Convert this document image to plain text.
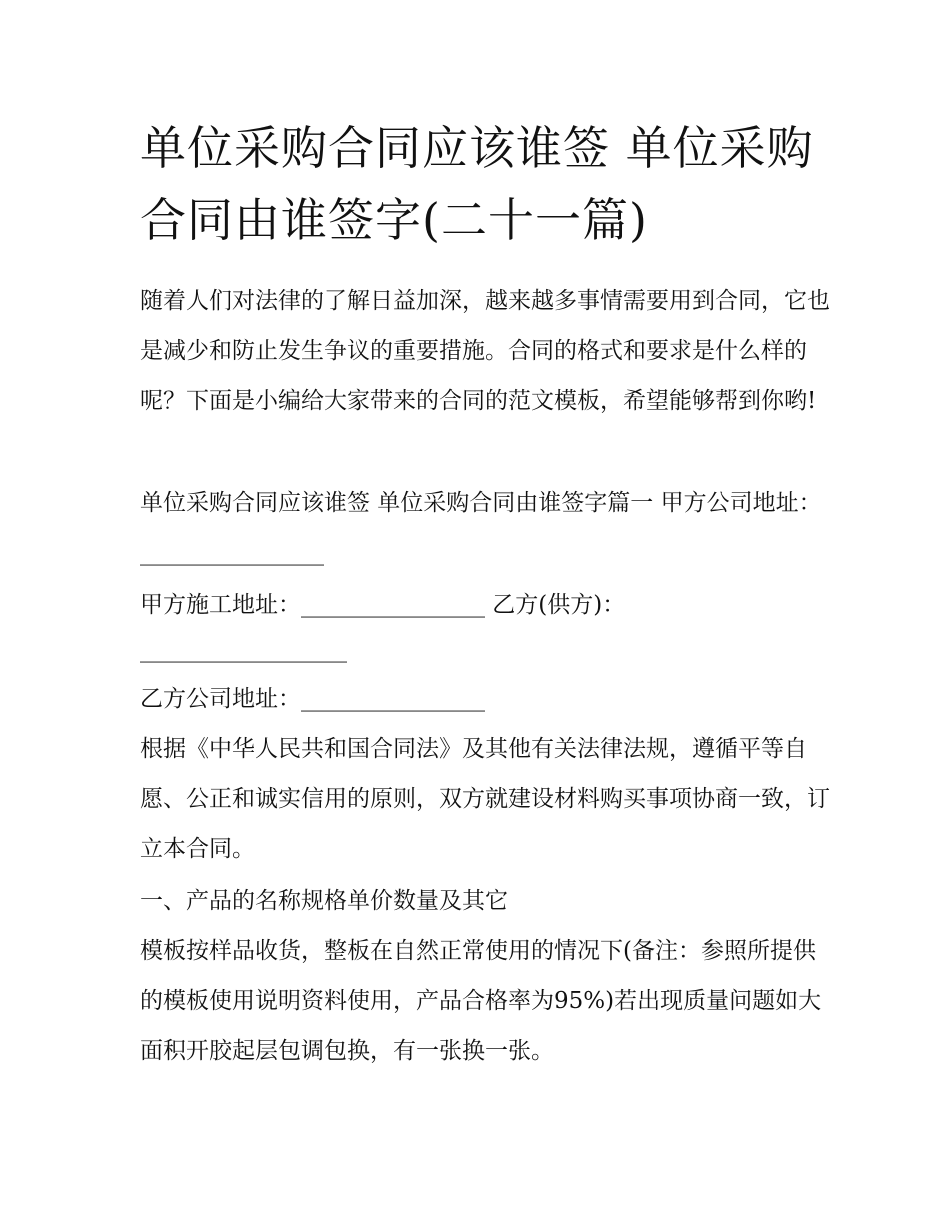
单位采购合同应该谁签 单位采购合同由谁签字(二十一篇)

随着人们对法律的了解日益加深，越来越多事情需要用到合同，它也是减少和防止发生争议的重要措施。合同的格式和要求是什么样的呢？下面是小编给大家带来的合同的范文模板，希望能够帮到你哟!

单位采购合同应该谁签 单位采购合同由谁签字篇一 甲方公司地址：________________

甲方施工地址：________________ 乙方(供方)：

__________________

乙方公司地址：________________

根据《中华人民共和国合同法》及其他有关法律法规，遵循平等自愿、公正和诚实信用的原则，双方就建设材料购买事项协商一致，订立本合同。

一、产品的名称规格单价数量及其它

模板按样品收货，整板在自然正常使用的情况下(备注：参照所提供的模板使用说明资料使用，产品合格率为95%)若出现质量问题如大面积开胶起层包调包换，有一张换一张。
